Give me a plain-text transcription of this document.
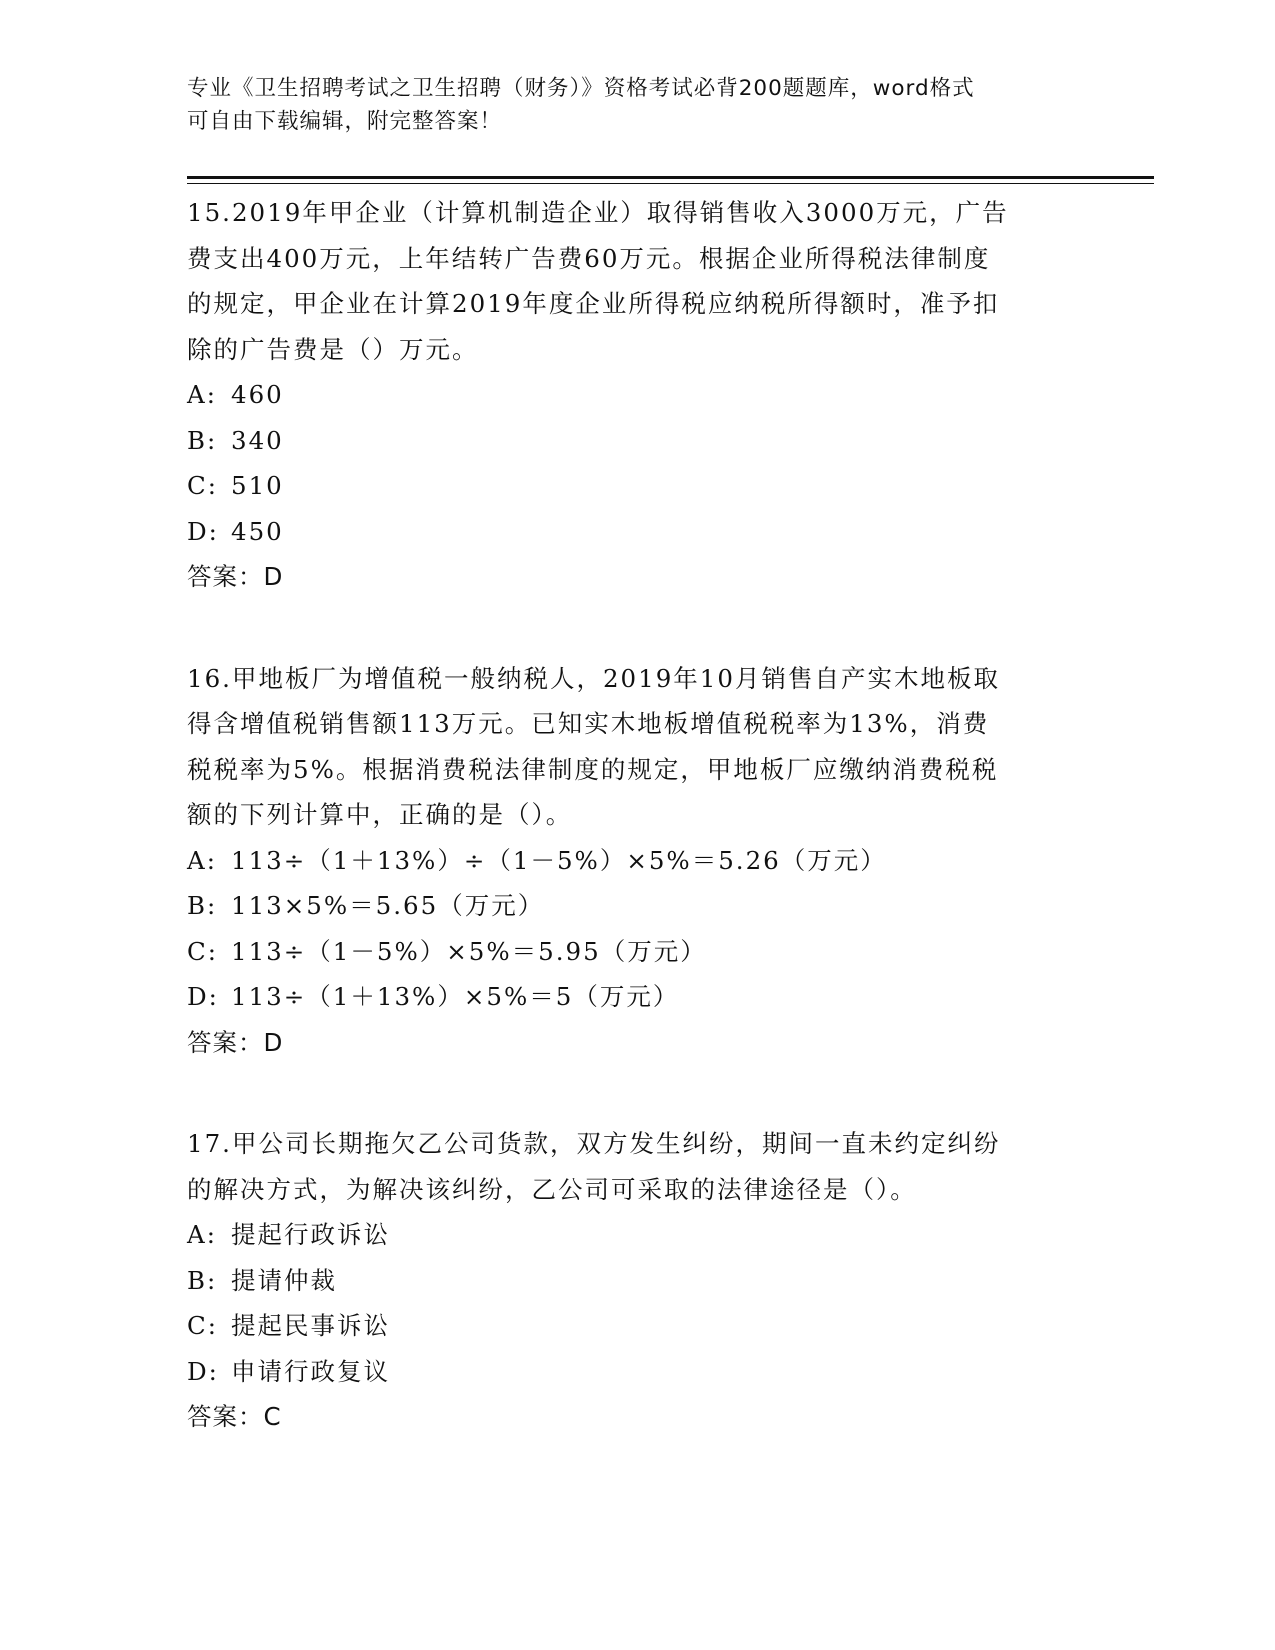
专业《卫生招聘考试之卫生招聘（财务）》资格考试必背200题题库，word格式
可自由下载编辑，附完整答案！

15.2019年甲企业（计算机制造企业）取得销售收入3000万元，广告

费支出400万元，上年结转广告费60万元。根据企业所得税法律制度

的规定，甲企业在计算2019年度企业所得税应纳税所得额时，准予扣

除的广告费是（）万元。

A: 460

B: 340

C: 510

D: 450

答案：D

16.甲地板厂为增值税一般纳税人，2019年10月销售自产实木地板取

得含增值税销售额113万元。已知实木地板增值税税率为13%，消费

税税率为5%。根据消费税法律制度的规定，甲地板厂应缴纳消费税税

额的下列计算中，正确的是（）。

A: 113÷（1＋13%）÷（1－5%）×5%＝5.26（万元）

B: 113×5%＝5.65（万元）

C: 113÷（1－5%）×5%＝5.95（万元）

D: 113÷（1＋13%）×5%＝5（万元）

答案：D

17.甲公司长期拖欠乙公司货款，双方发生纠纷，期间一直未约定纠纷

的解决方式，为解决该纠纷，乙公司可采取的法律途径是（）。

A: 提起行政诉讼

B: 提请仲裁

C: 提起民事诉讼

D: 申请行政复议

答案：C
